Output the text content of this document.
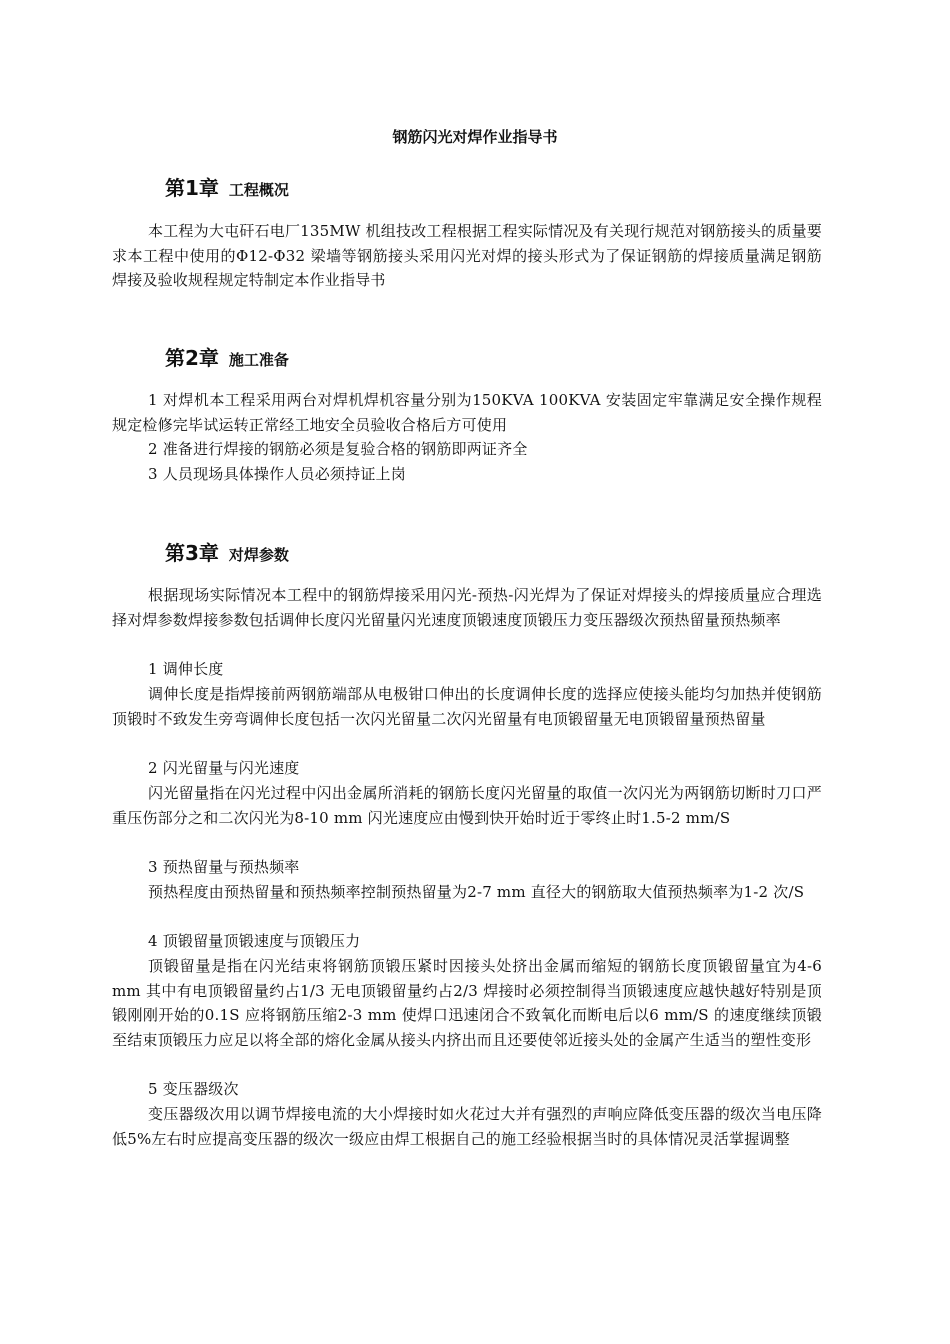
钢筋闪光对焊作业指导书
第1章 工程概况
本工程为大屯矸石电厂135MW 机组技改工程根据工程实际情况及有关现行规范对钢筋接头的质量要求本工程中使用的Φ12-Φ32 梁墙等钢筋接头采用闪光对焊的接头形式为了保证钢筋的焊接质量满足钢筋焊接及验收规程规定特制定本作业指导书
第2章 施工准备
1 对焊机本工程采用两台对焊机焊机容量分别为150KVA 100KVA 安装固定牢靠满足安全操作规程规定检修完毕试运转正常经工地安全员验收合格后方可使用
2 准备进行焊接的钢筋必须是复验合格的钢筋即两证齐全
3 人员现场具体操作人员必须持证上岗
第3章 对焊参数
根据现场实际情况本工程中的钢筋焊接采用闪光-预热-闪光焊为了保证对焊接头的焊接质量应合理选择对焊参数焊接参数包括调伸长度闪光留量闪光速度顶锻速度顶锻压力变压器级次预热留量预热频率
1 调伸长度
调伸长度是指焊接前两钢筋端部从电极钳口伸出的长度调伸长度的选择应使接头能均匀加热并使钢筋顶锻时不致发生旁弯调伸长度包括一次闪光留量二次闪光留量有电顶锻留量无电顶锻留量预热留量
2 闪光留量与闪光速度
闪光留量指在闪光过程中闪出金属所消耗的钢筋长度闪光留量的取值一次闪光为两钢筋切断时刀口严重压伤部分之和二次闪光为8-10 mm 闪光速度应由慢到快开始时近于零终止时1.5-2 mm/S
3 预热留量与预热频率
预热程度由预热留量和预热频率控制预热留量为2-7 mm 直径大的钢筋取大值预热频率为1-2 次/S
4 顶锻留量顶锻速度与顶锻压力
顶锻留量是指在闪光结束将钢筋顶锻压紧时因接头处挤出金属而缩短的钢筋长度顶锻留量宜为4-6 mm 其中有电顶锻留量约占1/3 无电顶锻留量约占2/3 焊接时必须控制得当顶锻速度应越快越好特别是顶锻刚刚开始的0.1S 应将钢筋压缩2-3 mm 使焊口迅速闭合不致氧化而断电后以6 mm/S 的速度继续顶锻至结束顶锻压力应足以将全部的熔化金属从接头内挤出而且还要使邻近接头处的金属产生适当的塑性变形
5 变压器级次
变压器级次用以调节焊接电流的大小焊接时如火花过大并有强烈的声响应降低变压器的级次当电压降低5%左右时应提高变压器的级次一级应由焊工根据自己的施工经验根据当时的具体情况灵活掌握调整
